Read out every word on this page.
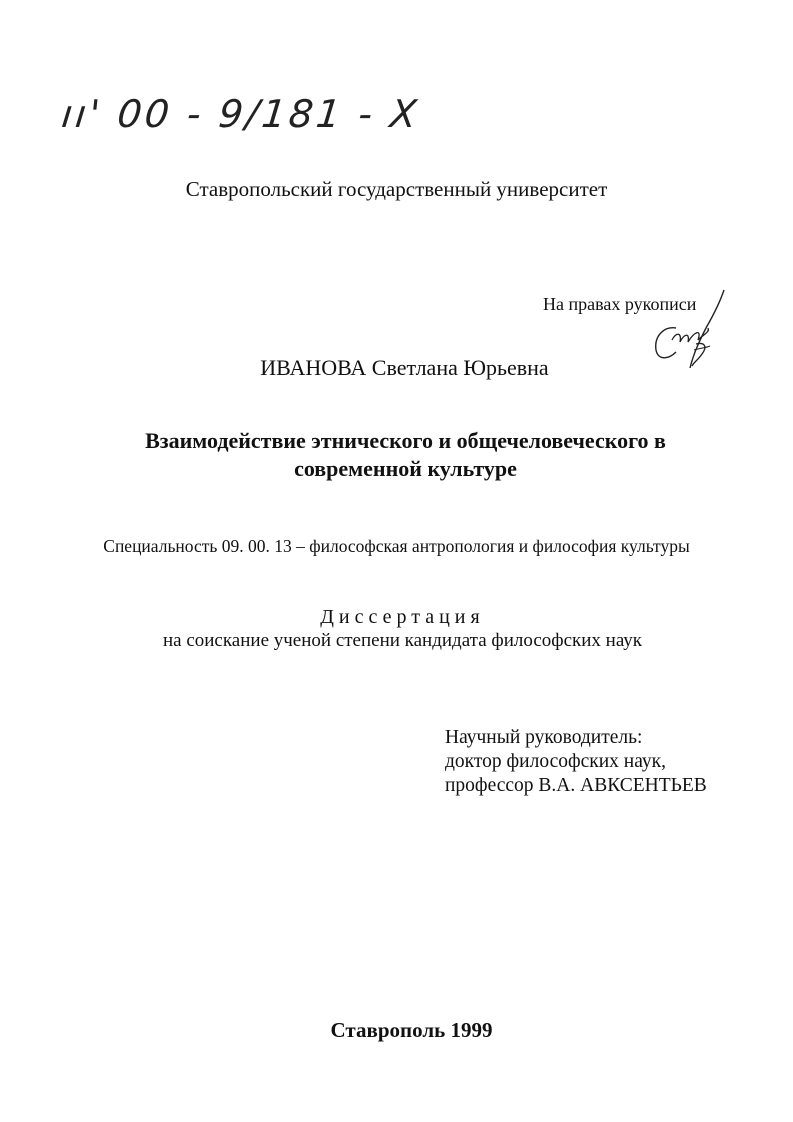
ıı' 00 - 9/181 - X
Ставропольский государственный университет
На правах рукописи
ИВАНОВА Светлана Юрьевна
Взаимодействие этнического и общечеловеческого в
современной культуре
Специальность 09. 00. 13 – философская антропология и философия культуры
Диссертация
на соискание ученой степени кандидата философских наук
Научный руководитель:
доктор философских наук,
профессор В.А. АВКСЕНТЬЕВ
Ставрополь 1999
